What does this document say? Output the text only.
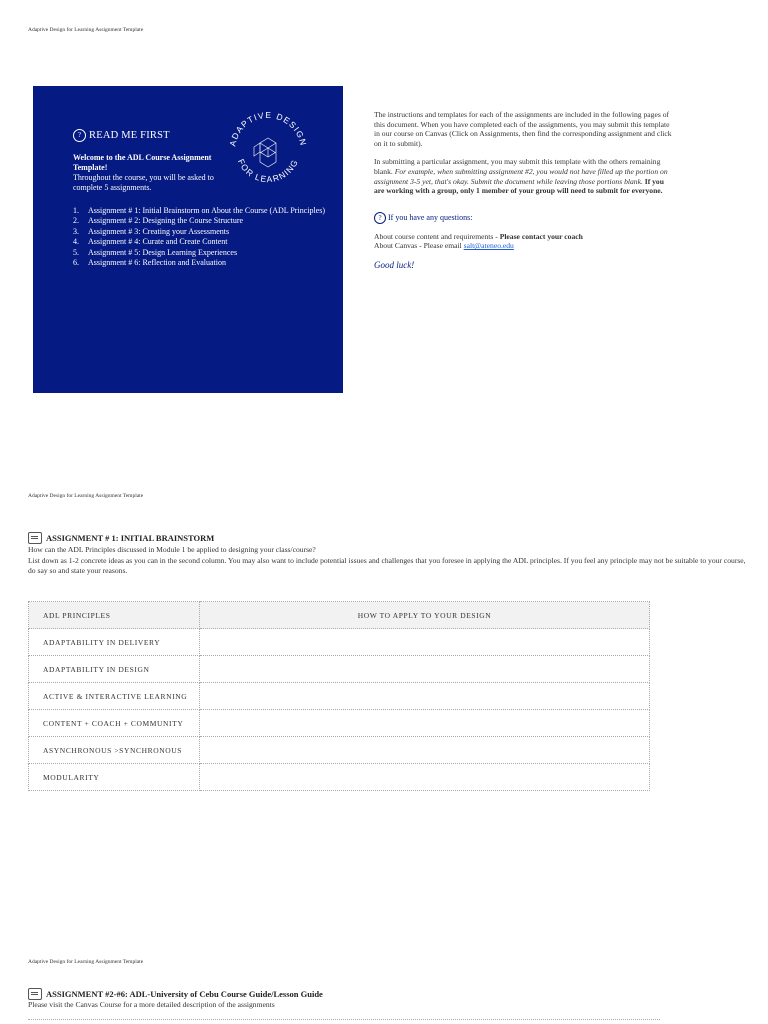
Adaptive Design for Learning Assignment Template
Adaptive Design for Learning Assignment Template
Adaptive Design for Learning Assignment Template
? READ ME FIRST
Welcome to the ADL Course Assignment Template!
Throughout the course, you will be asked to complete 5 assignments.
1.	Assignment # 1: Initial Brainstorm on About the Course (ADL Principles)
2.	Assignment # 2: Designing the Course Structure
3.	Assignment # 3: Creating your Assessments
4.	Assignment # 4: Curate and Create Content
5.	Assignment # 5: Design Learning Experiences
6.	Assignment # 6: Reflection and Evaluation
ADAPTIVE DESIGN
FOR LEARNING

The instructions and templates for each of the assignments are included in the following pages of this document. When you have completed each of the assignments, you may submit this template in our course on Canvas (Click on Assignments, then find the corresponding assignment and click on it to submit).

In submitting a particular assignment, you may submit this template with the others remaining blank. For example, when submitting assignment #2, you would not have filled up the portion on assignment 3-5 yet, that's okay. Submit the document while leaving those portions blank. If you are working with a group, only 1 member of your group will need to submit for everyone.

? If you have any questions:

About course content and requirements - Please contact your coach

About Canvas - Please email salt@ateneo.edu

Good luck!
ASSIGNMENT # 1: INITIAL BRAINSTORM
How can the ADL Principles discussed in Module 1 be applied to designing your class/course?
List down as 1-2 concrete ideas as you can in the second column. You may also want to include potential issues and challenges that you foresee in applying the ADL principles. If you feel any principle may not be suitable to your course, do say so and state your reasons.
ADL PRINCIPLES	HOW TO APPLY TO YOUR DESIGN
ADAPTABILITY IN DELIVERY	
ADAPTABILITY IN DESIGN	
ACTIVE & INTERACTIVE LEARNING	
CONTENT + COACH + COMMUNITY	
ASYNCHRONOUS >SYNCHRONOUS	
MODULARITY	
ASSIGNMENT #2-#6: ADL-University of Cebu Course Guide/Lesson Guide
Please visit the Canvas Course for a more detailed description of the assignments
